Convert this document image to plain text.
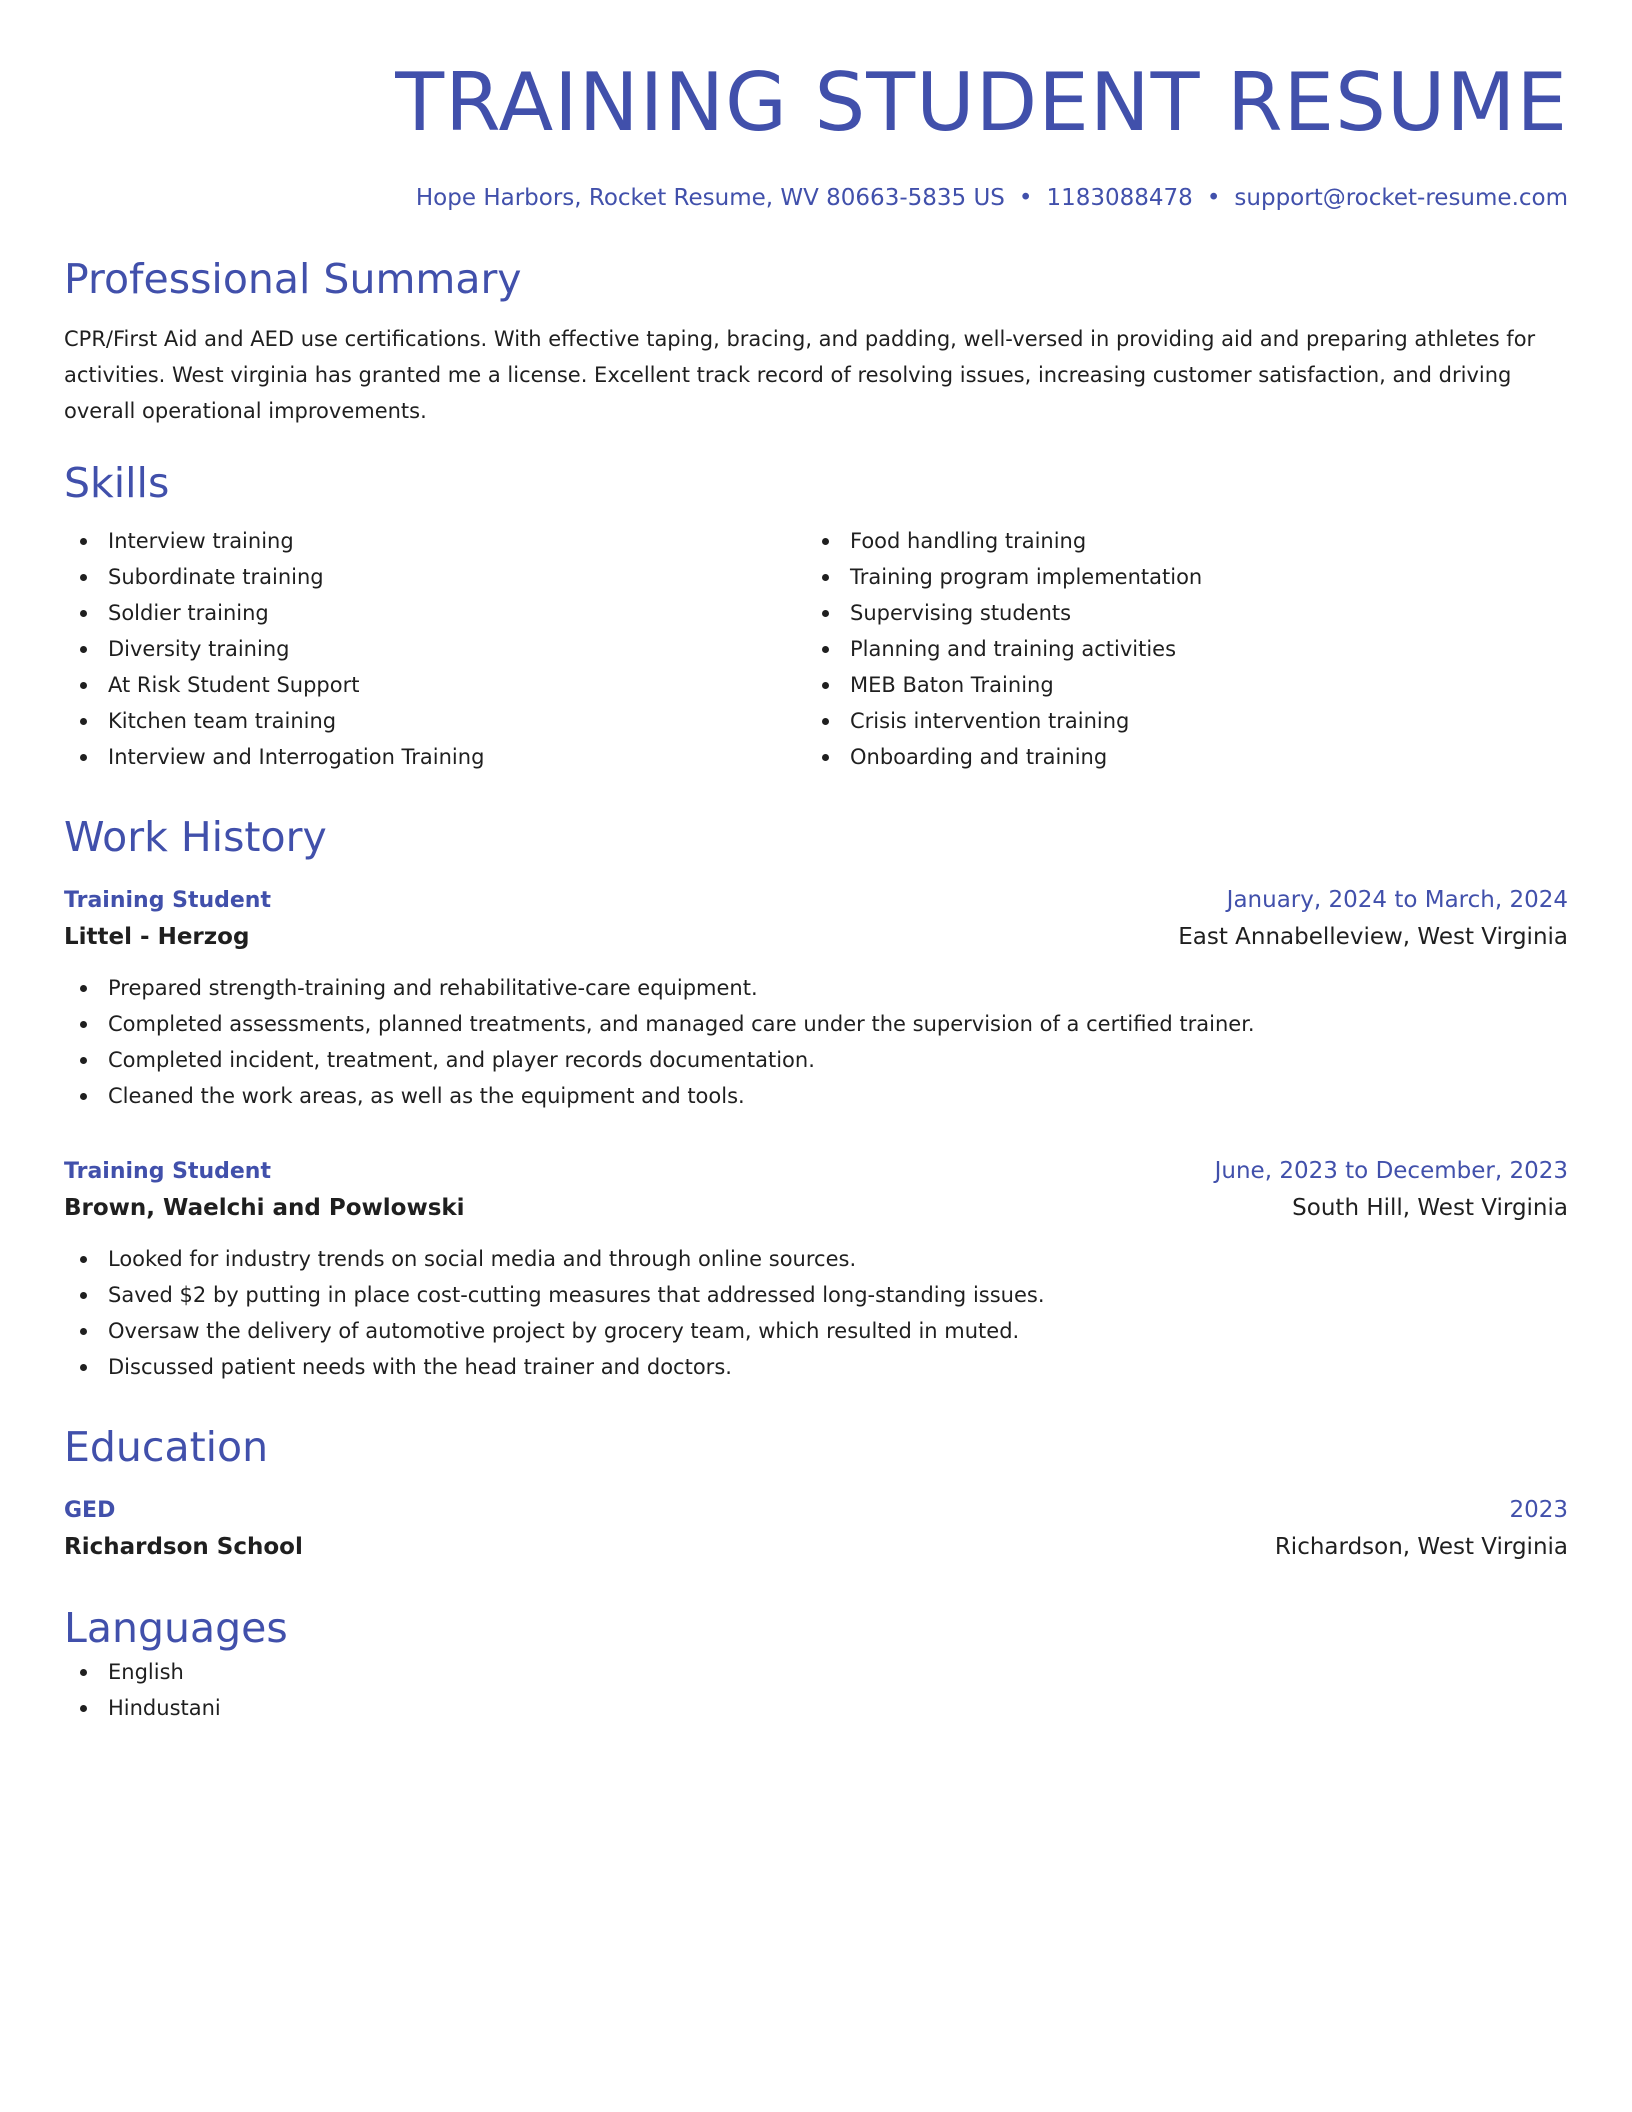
TRAINING STUDENT RESUME
Hope Harbors, Rocket Resume, WV 80663-5835 US • 1183088478 • support@rocket-resume.com
Professional Summary
CPR/First Aid and AED use certifications. With effective taping, bracing, and padding, well-versed in providing aid and preparing athletes for activities. West virginia has granted me a license. Excellent track record of resolving issues, increasing customer satisfaction, and driving overall operational improvements.
Skills
Interview training
Subordinate training
Soldier training
Diversity training
At Risk Student Support
Kitchen team training
Interview and Interrogation Training
Food handling training
Training program implementation
Supervising students
Planning and training activities
MEB Baton Training
Crisis intervention training
Onboarding and training
Work History
Training Student	January, 2024 to March, 2024
Littel - Herzog	East Annabelleview, West Virginia
Prepared strength-training and rehabilitative-care equipment.
Completed assessments, planned treatments, and managed care under the supervision of a certified trainer.
Completed incident, treatment, and player records documentation.
Cleaned the work areas, as well as the equipment and tools.
Training Student	June, 2023 to December, 2023
Brown, Waelchi and Powlowski	South Hill, West Virginia
Looked for industry trends on social media and through online sources.
Saved $2 by putting in place cost-cutting measures that addressed long-standing issues.
Oversaw the delivery of automotive project by grocery team, which resulted in muted.
Discussed patient needs with the head trainer and doctors.
Education
GED	2023
Richardson School	Richardson, West Virginia
Languages
English
Hindustani
